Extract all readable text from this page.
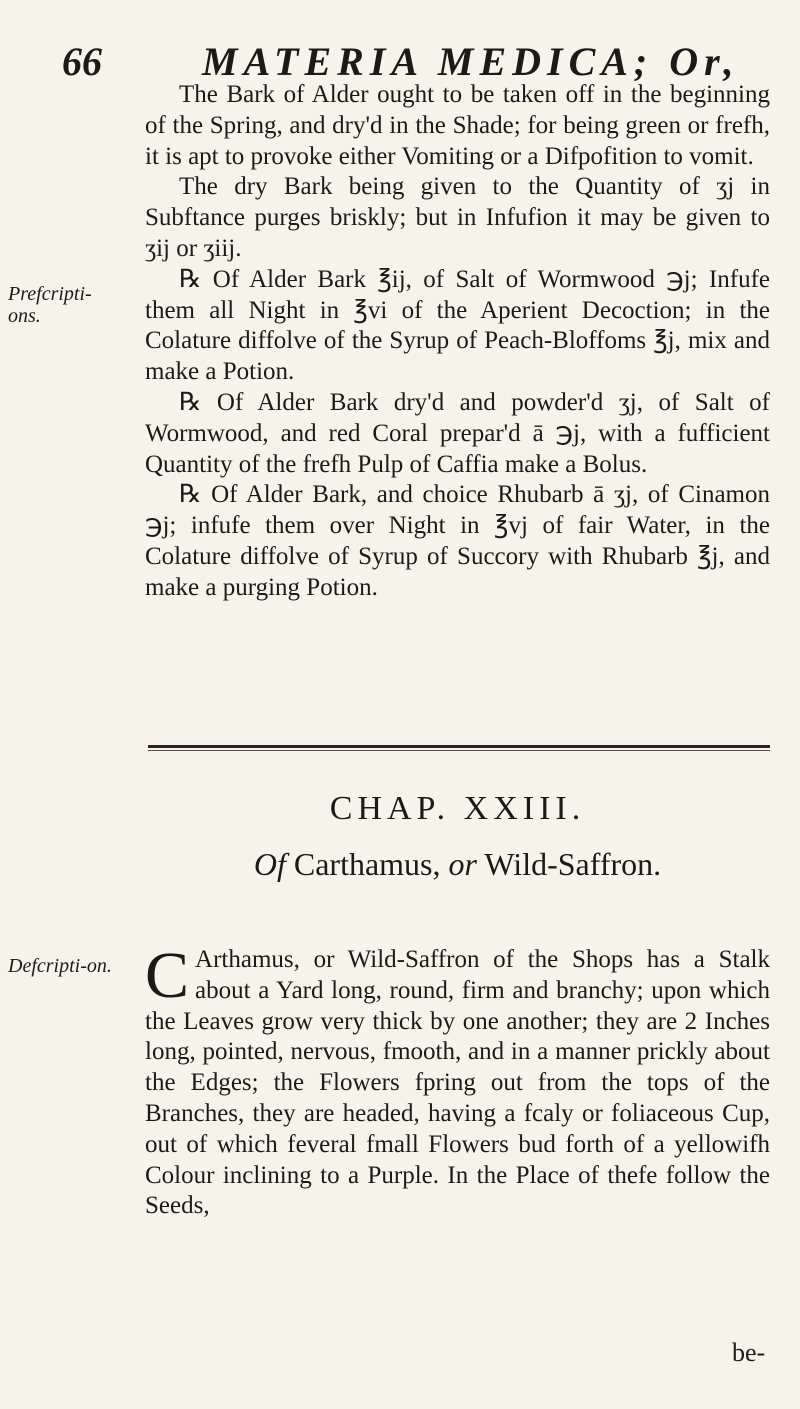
66	MATERIA MEDICA; Or,
Prefcripti-ons.

The Bark of Alder ought to be taken off in the beginning of the Spring, and dry'd in the Shade; for being green or frefh, it is apt to provoke either Vomiting or a Difpofition to vomit.

The dry Bark being given to the Quantity of ʒj in Subftance purges briskly; but in Infufion it may be given to ʒij or ʒiij.

℞ Of Alder Bark ℥ij, of Salt of Wormwood ℈j; Infufe them all Night in ℥vi of the Aperient Decoction; in the Colature diffolve of the Syrup of Peach-Bloffoms ℥j, mix and make a Potion.

℞ Of Alder Bark dry'd and powder'd ʒj, of Salt of Wormwood, and red Coral prepar'd ā ℈j, with a fufficient Quantity of the frefh Pulp of Caffia make a Bolus.

℞ Of Alder Bark, and choice Rhubarb ā ʒj, of Cinamon ℈j; infufe them over Night in ℥vj of fair Water, in the Colature diffolve of Syrup of Succory with Rhubarb ℥j, and make a purging Potion.

CHAP. XXIII.
Of Carthamus, or Wild-Saffron.
Defcripti-on. C Arthamus, or Wild-Saffron of the Shops has a Stalk about a Yard long, round, firm and branchy; upon which the Leaves grow very thick by one another; they are 2 Inches long, pointed, nervous, fmooth, and in a manner prickly about the Edges; the Flowers fpring out from the tops of the Branches, they are headed, having a fcaly or foliaceous Cup, out of which feveral fmall Flowers bud forth of a yellowifh Colour inclining to a Purple. In the Place of thefe follow the Seeds,

be-
